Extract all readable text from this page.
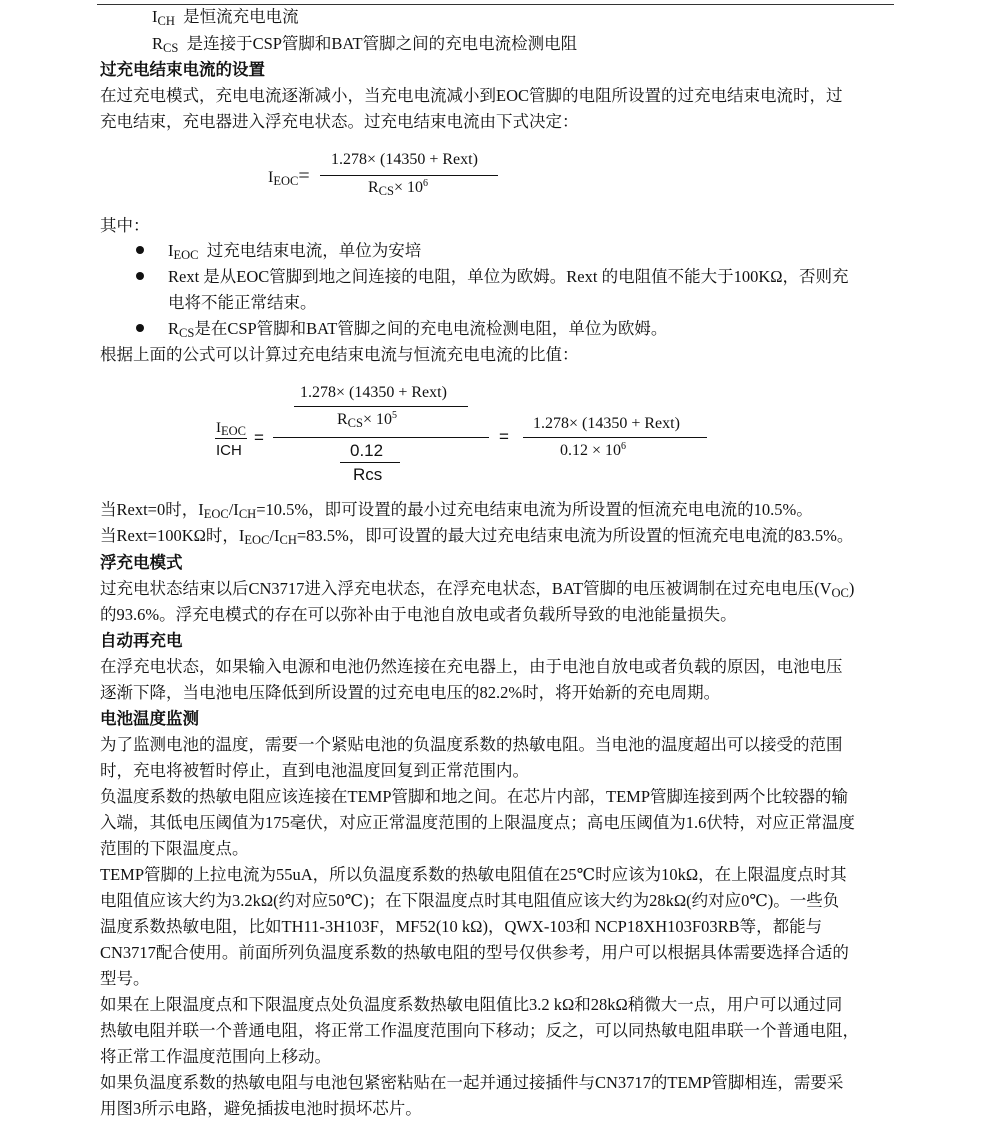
$I_{CH}$ 是恒流充电电流
$R_{CS}$ 是连接于CSP管脚和BAT管脚之间的充电电流检测电阻
过充电结束电流的设置
在过充电模式，充电电流逐渐减小，当充电电流减小到EOC管脚的电阻所设置的过充电结束电流时，过
充电结束，充电器进入浮充电状态。过充电结束电流由下式决定：
$I_{EOC}=$
1.278× (14350 + Rext)
$R_{CS}\times 10^6$
其中：
$I_{EOC}$ 过充电结束电流，单位为安培
Rext 是从EOC管脚到地之间连接的电阻，单位为欧姆。Rext 的电阻值不能大于100KΩ，否则充
电将不能正常结束。
$R_{CS}$是在CSP管脚和BAT管脚之间的充电电流检测电阻，单位为欧姆。
根据上面的公式可以计算过充电结束电流与恒流充电电流的比值：
$I_{EOC}$
ICH
=
1.278× (14350 + Rext)
$R_{CS}\times 10^5$
0.12
Rcs
=
1.278× (14350 + Rext)
$0.12 \times 10^6$
当Rext=0时，$I_{EOC}/I_{CH}=10.5\%$，即可设置的最小过充电结束电流为所设置的恒流充电电流的10.5%。
当Rext=100KΩ时，$I_{EOC}/I_{CH}=83.5\%$，即可设置的最大过充电结束电流为所设置的恒流充电电流的83.5%。
浮充电模式
过充电状态结束以后CN3717进入浮充电状态，在浮充电状态，BAT管脚的电压被调制在过充电电压$(V_{OC})$
的93.6%。浮充电模式的存在可以弥补由于电池自放电或者负载所导致的电池能量损失。
自动再充电
在浮充电状态，如果输入电源和电池仍然连接在充电器上，由于电池自放电或者负载的原因，电池电压
逐渐下降，当电池电压降低到所设置的过充电电压的82.2%时，将开始新的充电周期。
电池温度监测
为了监测电池的温度，需要一个紧贴电池的负温度系数的热敏电阻。当电池的温度超出可以接受的范围
时，充电将被暂时停止，直到电池温度回复到正常范围内。
负温度系数的热敏电阻应该连接在TEMP管脚和地之间。在芯片内部，TEMP管脚连接到两个比较器的输
入端，其低电压阈值为175毫伏，对应正常温度范围的上限温度点；高电压阈值为1.6伏特，对应正常温度
范围的下限温度点。
TEMP管脚的上拉电流为55uA，所以负温度系数的热敏电阻值在25℃时应该为10kΩ，在上限温度点时其
电阻值应该大约为3.2kΩ(约对应50℃)；在下限温度点时其电阻值应该大约为28kΩ(约对应0℃)。一些负
温度系数热敏电阻，比如TH11-3H103F，MF52(10 kΩ)，QWX-103和 NCP18XH103F03RB等，都能与
CN3717配合使用。前面所列负温度系数的热敏电阻的型号仅供参考，用户可以根据具体需要选择合适的
型号。
如果在上限温度点和下限温度点处负温度系数热敏电阻值比3.2 kΩ和28kΩ稍微大一点，用户可以通过同
热敏电阻并联一个普通电阻，将正常工作温度范围向下移动；反之，可以同热敏电阻串联一个普通电阻，
将正常工作温度范围向上移动。
如果负温度系数的热敏电阻与电池包紧密粘贴在一起并通过接插件与CN3717的TEMP管脚相连，需要采
用图3所示电路，避免插拔电池时损坏芯片。
